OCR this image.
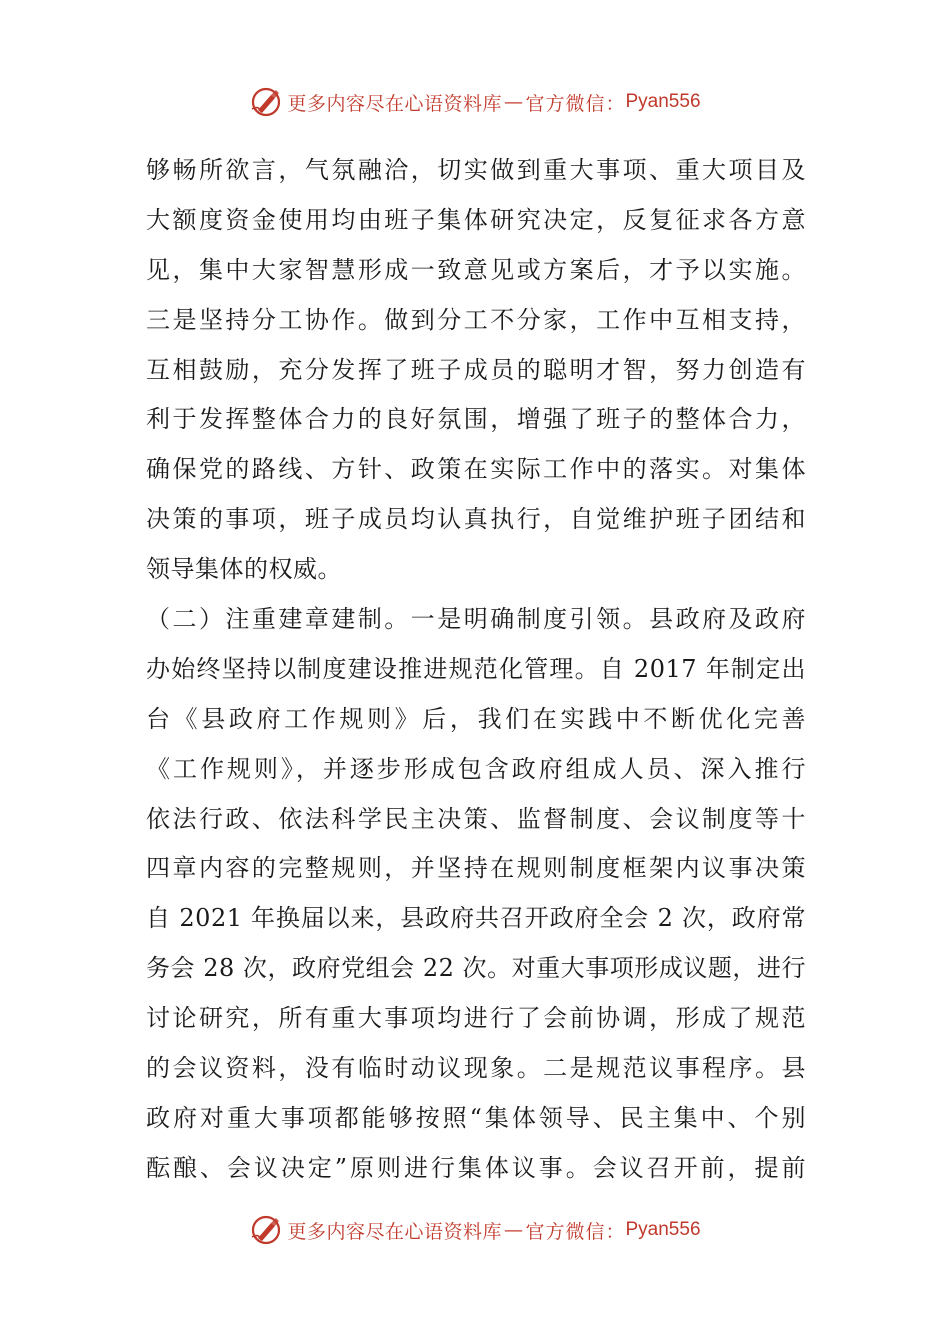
更多内容尽在心语资料库 — 官方微信： Pyan556
够畅所欲言，气氛融洽，切实做到重大事项、重大项目及
大额度资金使用均由班子集体研究决定，反复征求各方意
见，集中大家智慧形成一致意见或方案后，才予以实施。
三是坚持分工协作。做到分工不分家，工作中互相支持，
互相鼓励，充分发挥了班子成员的聪明才智，努力创造有
利于发挥整体合力的良好氛围，增强了班子的整体合力，
确保党的路线、方针、政策在实际工作中的落实。对集体
决策的事项，班子成员均认真执行，自觉维护班子团结和
领导集体的权威。
（二）注重建章建制。一是明确制度引领。县政府及政府
办始终坚持以制度建设推进规范化管理。自 2017 年制定出
台《县政府工作规则》后，我们在实践中不断优化完善
《工作规则》，并逐步形成包含政府组成人员、深入推行
依法行政、依法科学民主决策、监督制度、会议制度等十
四章内容的完整规则，并坚持在规则制度框架内议事决策
自 2021 年换届以来，县政府共召开政府全会 2 次，政府常
务会 28 次，政府党组会 22 次。对重大事项形成议题，进行
讨论研究，所有重大事项均进行了会前协调，形成了规范
的会议资料，没有临时动议现象。二是规范议事程序。县
政府对重大事项都能够按照“集体领导、民主集中、个别
酝酿、会议决定”原则进行集体议事。会议召开前，提前
更多内容尽在心语资料库 — 官方微信： Pyan556
